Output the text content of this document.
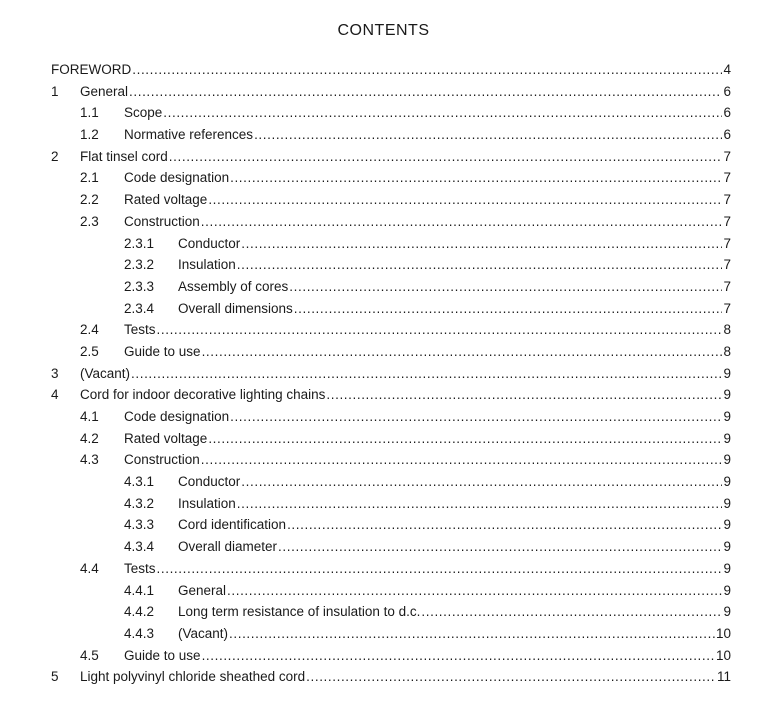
CONTENTS
FOREWORD .....	4
1 General .....	6
1.1 Scope .....	6
1.2 Normative references .....	6
2 Flat tinsel cord .....	7
2.1 Code designation .....	7
2.2 Rated voltage .....	7
2.3 Construction .....	7
2.3.1 Conductor .....	7
2.3.2 Insulation .....	7
2.3.3 Assembly of cores .....	7
2.3.4 Overall dimensions .....	7
2.4 Tests .....	8
2.5 Guide to use .....	8
3 (Vacant) .....	9
4 Cord for indoor decorative lighting chains .....	9
4.1 Code designation .....	9
4.2 Rated voltage .....	9
4.3 Construction .....	9
4.3.1 Conductor .....	9
4.3.2 Insulation .....	9
4.3.3 Cord identification .....	9
4.3.4 Overall diameter .....	9
4.4 Tests .....	9
4.4.1 General .....	9
4.4.2 Long term resistance of insulation to d.c. .....	9
4.4.3 (Vacant) .....	10
4.5 Guide to use .....	10
5 Light polyvinyl chloride sheathed cord .....	11
